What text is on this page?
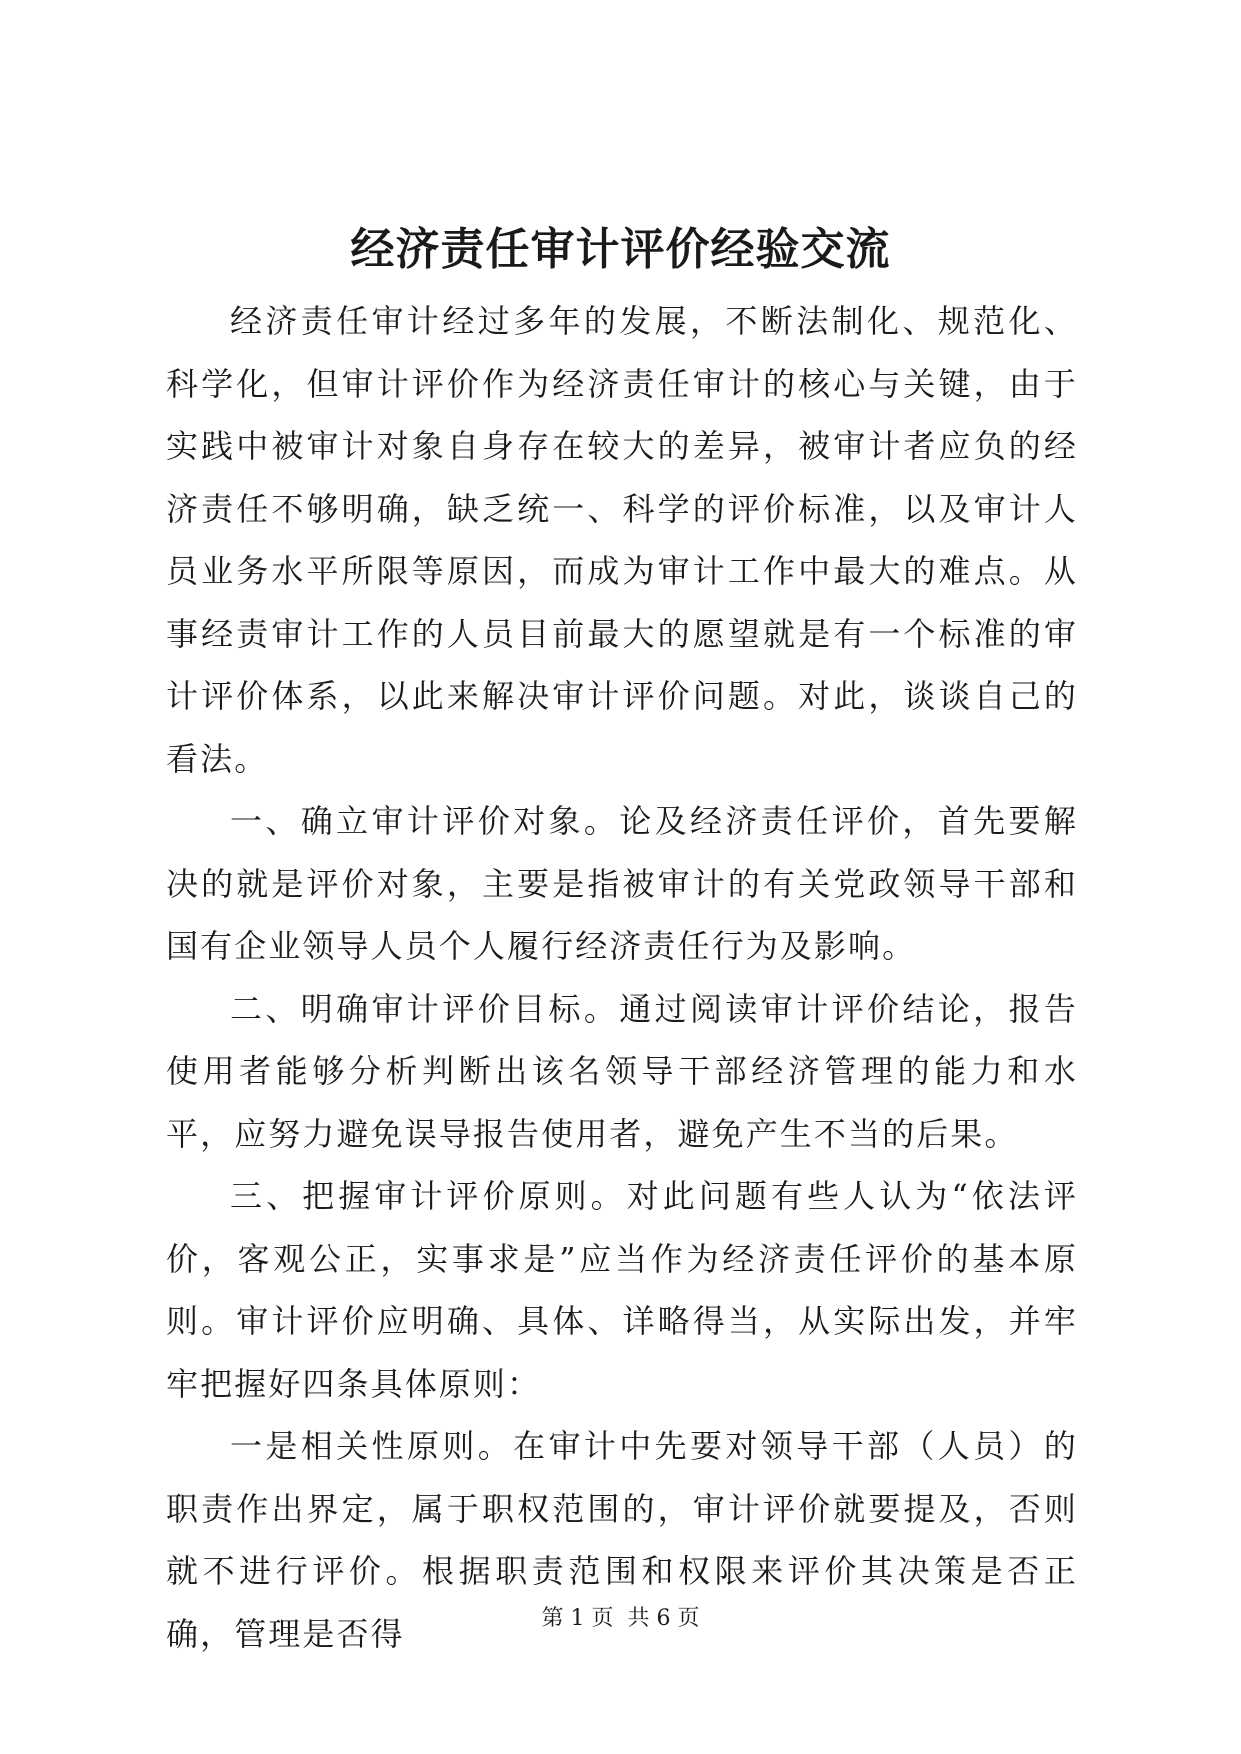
经济责任审计评价经验交流

经济责任审计经过多年的发展，不断法制化、规范化、科学化，但审计评价作为经济责任审计的核心与关键，由于实践中被审计对象自身存在较大的差异，被审计者应负的经济责任不够明确，缺乏统一、科学的评价标准，以及审计人员业务水平所限等原因，而成为审计工作中最大的难点。从事经责审计工作的人员目前最大的愿望就是有一个标准的审计评价体系，以此来解决审计评价问题。对此，谈谈自己的看法。

一、确立审计评价对象。论及经济责任评价，首先要解决的就是评价对象，主要是指被审计的有关党政领导干部和国有企业领导人员个人履行经济责任行为及影响。

二、明确审计评价目标。通过阅读审计评价结论，报告使用者能够分析判断出该名领导干部经济管理的能力和水平，应努力避免误导报告使用者，避免产生不当的后果。

三、把握审计评价原则。对此问题有些人认为“依法评价，客观公正，实事求是”应当作为经济责任评价的基本原则。审计评价应明确、具体、详略得当，从实际出发，并牢牢把握好四条具体原则：

一是相关性原则。在审计中先要对领导干部（人员）的职责作出界定，属于职权范围的，审计评价就要提及，否则就不进行评价。根据职责范围和权限来评价其决策是否正确，管理是否得	第 1 页  共 6 页
